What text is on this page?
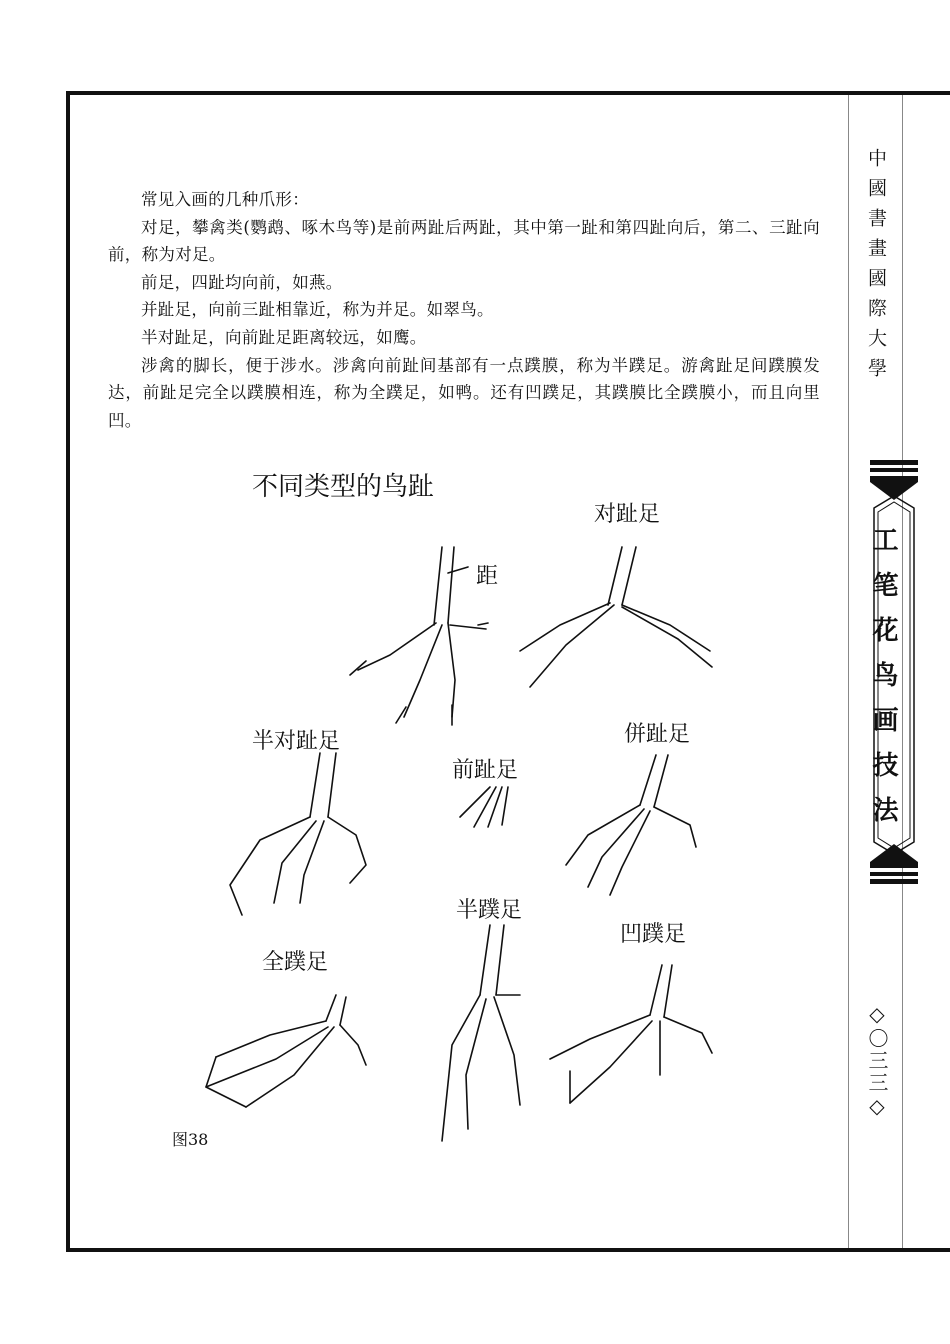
常见入画的几种爪形：

对足，攀禽类(鹦鹉、啄木鸟等)是前两趾后两趾，其中第一趾和第四趾向后，第二、三趾向前，称为对足。

前足，四趾均向前，如燕。

并趾足，向前三趾相靠近，称为并足。如翠鸟。

半对趾足，向前趾足距离较远，如鹰。

涉禽的脚长，便于涉水。涉禽向前趾间基部有一点蹼膜，称为半蹼足。游禽趾足间蹼膜发达，前趾足完全以蹼膜相连，称为全蹼足，如鸭。还有凹蹼足，其蹼膜比全蹼膜小，而且向里凹。

不同类型的鸟趾
距
对趾足
半对趾足
前趾足
併趾足
全蹼足
半蹼足
凹蹼足
图38
中國書畫國際大學
工笔花鸟画技法
◇〇三三◇
